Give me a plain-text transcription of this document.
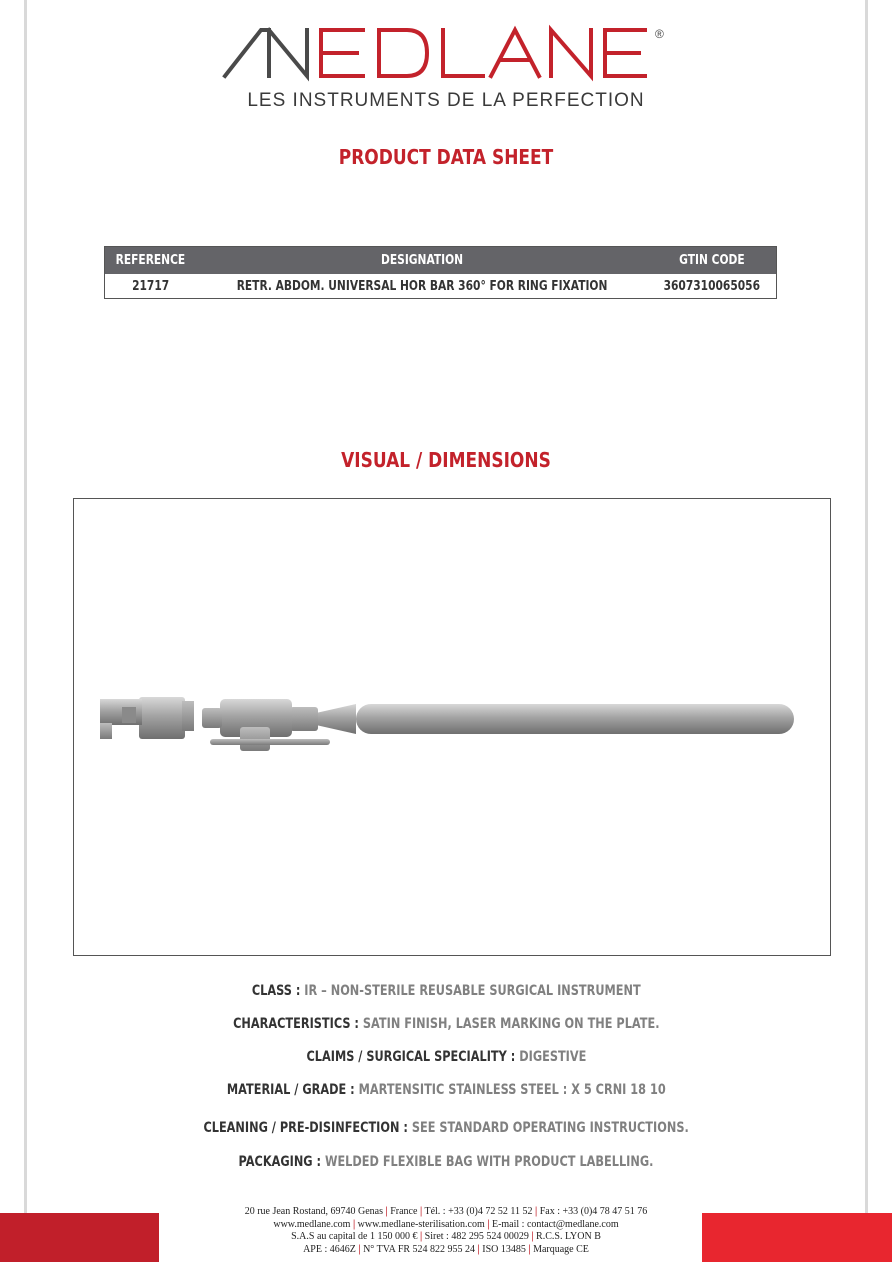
®
MEDLANE
LES INSTRUMENTS DE LA PERFECTION
PRODUCT DATA SHEET
REFERENCE	DESIGNATION	GTIN CODE
21717	RETR. ABDOM. UNIVERSAL HOR BAR 360° FOR RING FIXATION	3607310065056
VISUAL / DIMENSIONS
CLASS : IR – NON-STERILE REUSABLE SURGICAL INSTRUMENT
CHARACTERISTICS : SATIN FINISH, LASER MARKING ON THE PLATE.
CLAIMS / SURGICAL SPECIALITY : DIGESTIVE
MATERIAL / GRADE : MARTENSITIC STAINLESS STEEL : X 5 CRNI 18 10
CLEANING / PRE-DISINFECTION : SEE STANDARD OPERATING INSTRUCTIONS.
PACKAGING : WELDED FLEXIBLE BAG WITH PRODUCT LABELLING.
20 rue Jean Rostand, 69740 Genas | France | Tél. : +33 (0)4 72 52 11 52 | Fax : +33 (0)4 78 47 51 76
www.medlane.com | www.medlane-sterilisation.com | E-mail : contact@medlane.com
S.A.S au capital de 1 150 000 € | Siret : 482 295 524 00029 | R.C.S. LYON B
APE : 4646Z | N° TVA FR 524 822 955 24 | ISO 13485 | Marquage CE
